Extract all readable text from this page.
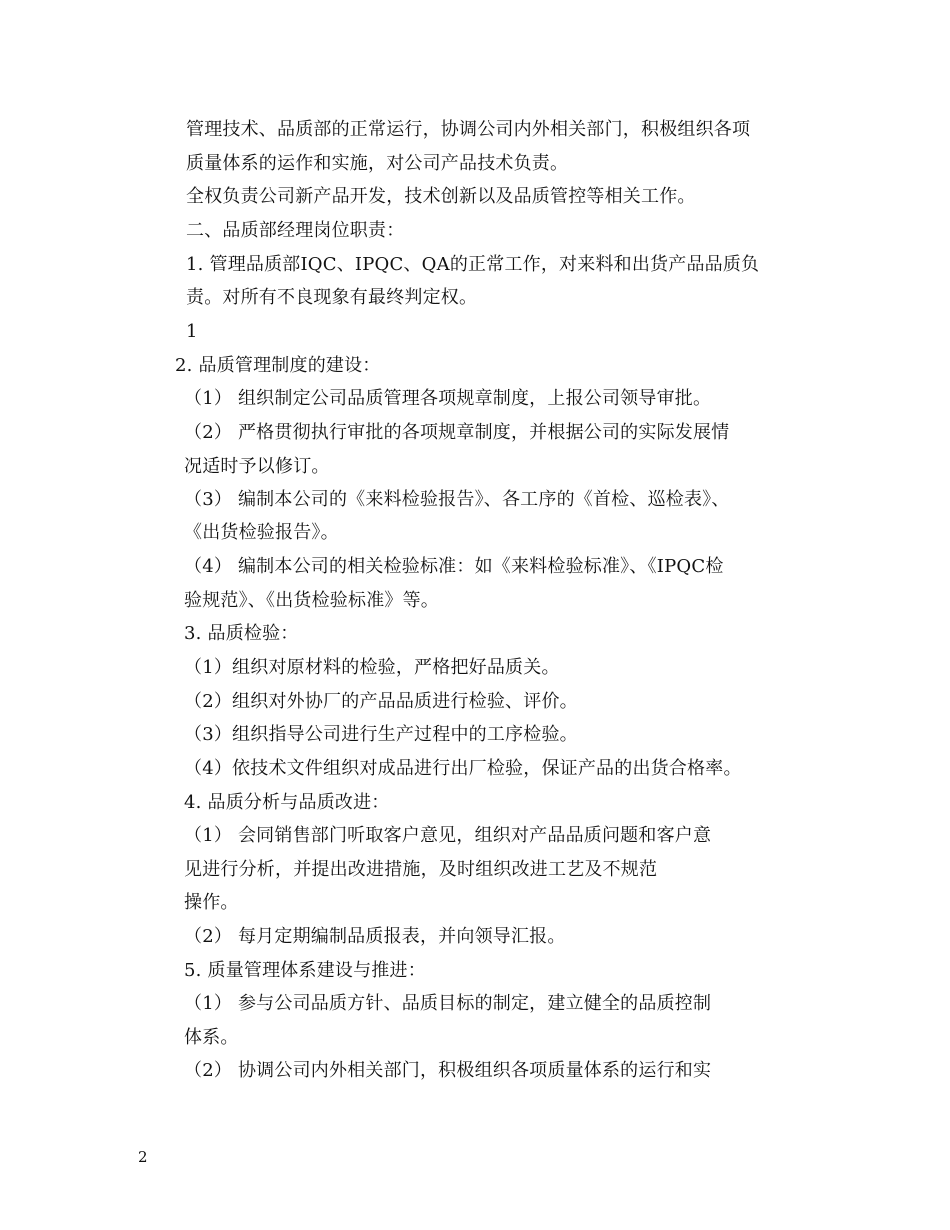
管理技术、品质部的正常运行，协调公司内外相关部门，积极组织各项
质量体系的运作和实施，对公司产品技术负责。
全权负责公司新产品开发，技术创新以及品质管控等相关工作。
二、品质部经理岗位职责：
1. 管理品质部IQC、IPQC、QA的正常工作，对来料和出货产品品质负
责。对所有不良现象有最终判定权。
1
2. 品质管理制度的建设：
（1） 组织制定公司品质管理各项规章制度，上报公司领导审批。
（2） 严格贯彻执行审批的各项规章制度，并根据公司的实际发展情
况适时予以修订。
（3） 编制本公司的《来料检验报告》、各工序的《首检、巡检表》、
《出货检验报告》。
（4） 编制本公司的相关检验标准：如《来料检验标准》、《IPQC检
验规范》、《出货检验标准》等。
3. 品质检验：
（1）组织对原材料的检验，严格把好品质关。
（2）组织对外协厂的产品品质进行检验、评价。
（3）组织指导公司进行生产过程中的工序检验。
（4）依技术文件组织对成品进行出厂检验，保证产品的出货合格率。
4. 品质分析与品质改进：
（1） 会同销售部门听取客户意见，组织对产品品质问题和客户意
见进行分析，并提出改进措施，及时组织改进工艺及不规范
操作。
（2） 每月定期编制品质报表，并向领导汇报。
5. 质量管理体系建设与推进：
（1） 参与公司品质方针、品质目标的制定，建立健全的品质控制
体系。
（2） 协调公司内外相关部门，积极组织各项质量体系的运行和实
2
